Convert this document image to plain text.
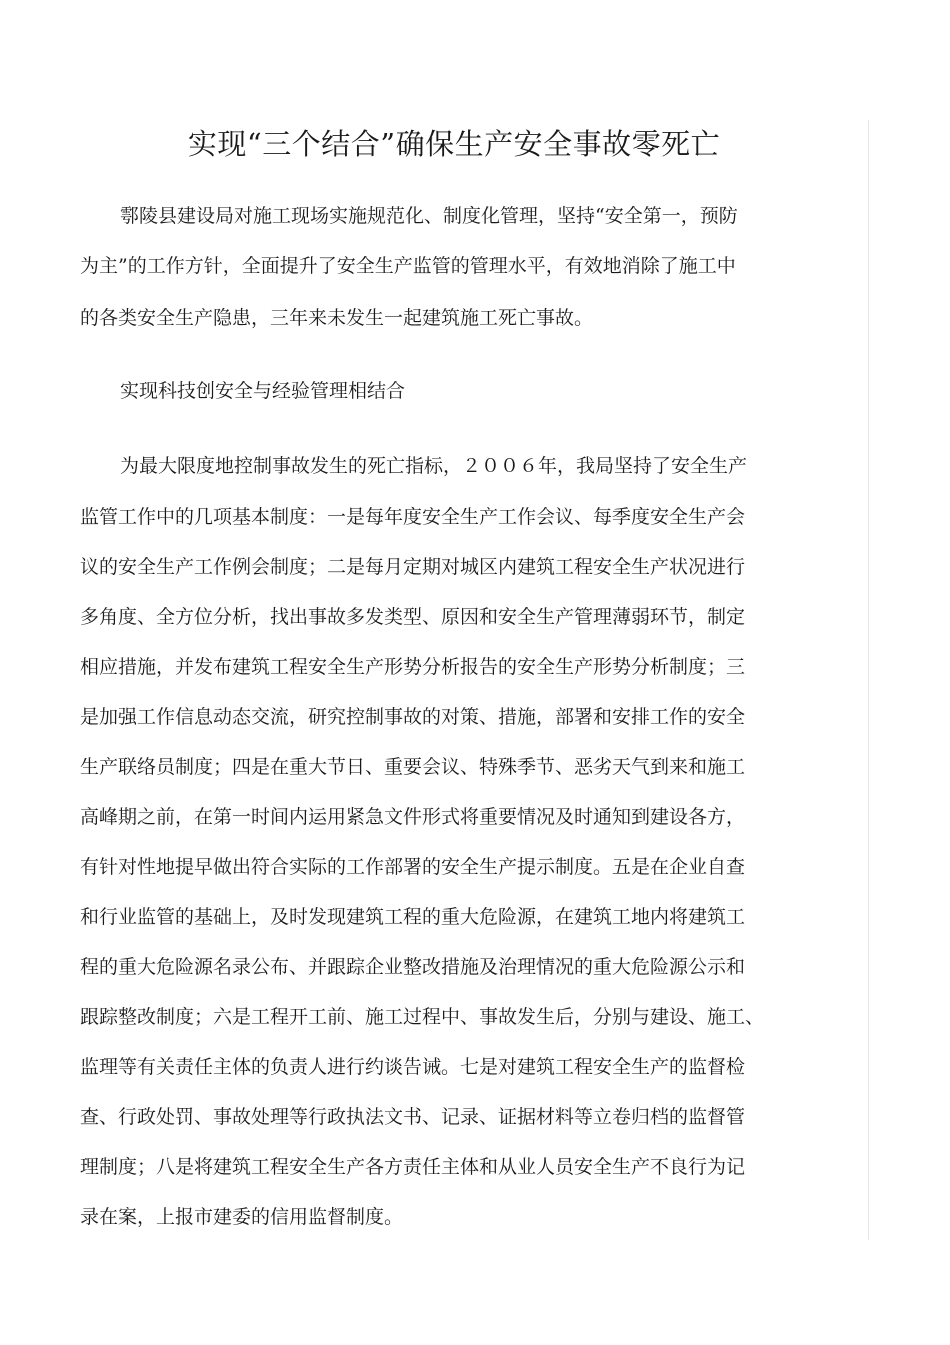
实现“三个结合”确保生产安全事故零死亡
鄠陵县建设局对施工现场实施规范化、制度化管理，坚持“安全第一，预防
为主”的工作方针，全面提升了安全生产监管的管理水平，有效地消除了施工中
的各类安全生产隐患，三年来未发生一起建筑施工死亡事故。
实现科技创安全与经验管理相结合
为最大限度地控制事故发生的死亡指标，２００６年，我局坚持了安全生产
监管工作中的几项基本制度：一是每年度安全生产工作会议、每季度安全生产会
议的安全生产工作例会制度；二是每月定期对城区内建筑工程安全生产状况进行
多角度、全方位分析，找出事故多发类型、原因和安全生产管理薄弱环节，制定
相应措施，并发布建筑工程安全生产形势分析报告的安全生产形势分析制度；三
是加强工作信息动态交流，研究控制事故的对策、措施，部署和安排工作的安全
生产联络员制度；四是在重大节日、重要会议、特殊季节、恶劣天气到来和施工
高峰期之前，在第一时间内运用紧急文件形式将重要情况及时通知到建设各方，
有针对性地提早做出符合实际的工作部署的安全生产提示制度。五是在企业自查
和行业监管的基础上，及时发现建筑工程的重大危险源，在建筑工地内将建筑工
程的重大危险源名录公布、并跟踪企业整改措施及治理情况的重大危险源公示和
跟踪整改制度；六是工程开工前、施工过程中、事故发生后，分别与建设、施工、
监理等有关责任主体的负责人进行约谈告诫。七是对建筑工程安全生产的监督检
查、行政处罚、事故处理等行政执法文书、记录、证据材料等立卷归档的监督管
理制度；八是将建筑工程安全生产各方责任主体和从业人员安全生产不良行为记
录在案，上报市建委的信用监督制度。
